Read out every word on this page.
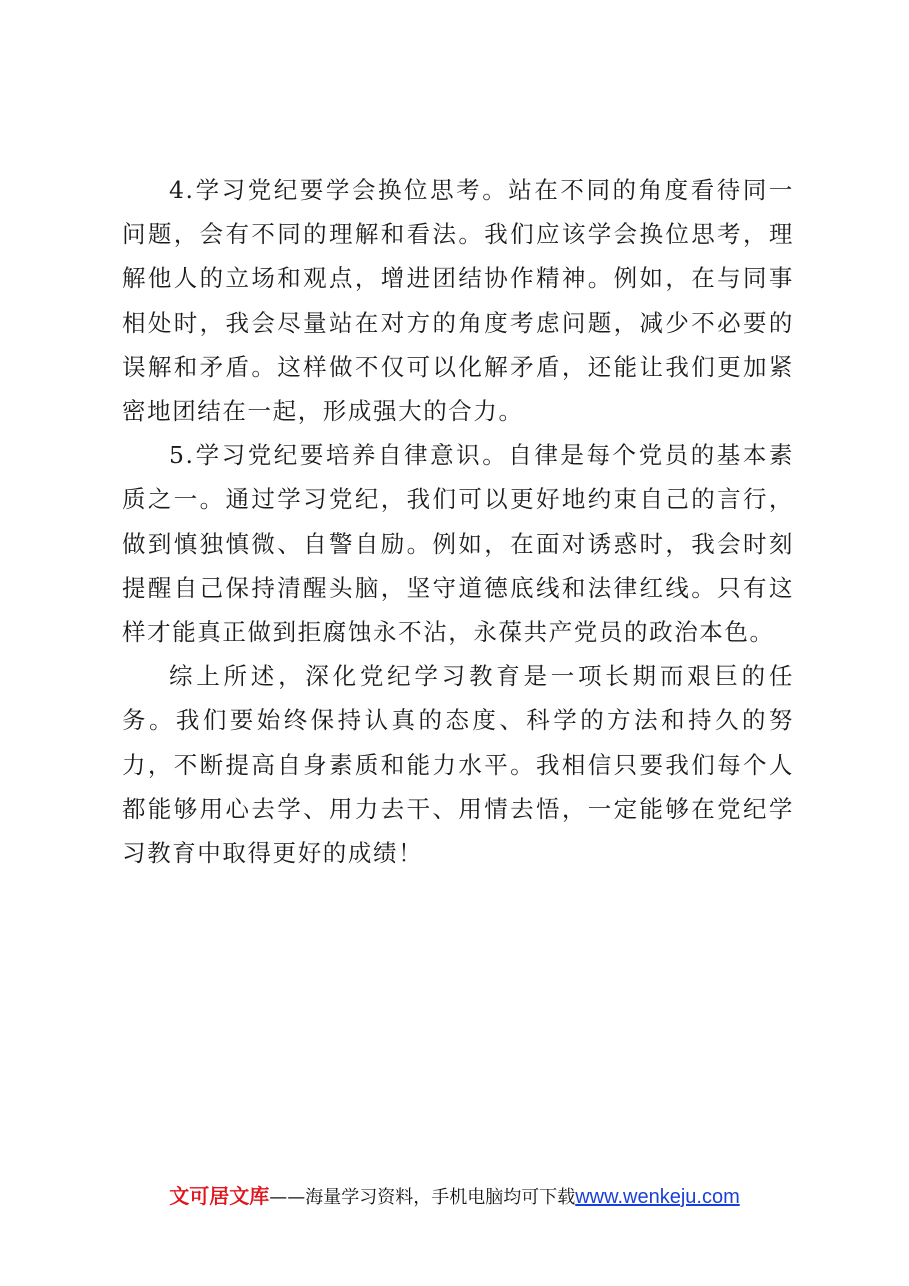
4.学习党纪要学会换位思考。站在不同的角度看待同一问题，会有不同的理解和看法。我们应该学会换位思考，理解他人的立场和观点，增进团结协作精神。例如，在与同事相处时，我会尽量站在对方的角度考虑问题，减少不必要的误解和矛盾。这样做不仅可以化解矛盾，还能让我们更加紧密地团结在一起，形成强大的合力。

5.学习党纪要培养自律意识。自律是每个党员的基本素质之一。通过学习党纪，我们可以更好地约束自己的言行，做到慎独慎微、自警自励。例如，在面对诱惑时，我会时刻提醒自己保持清醒头脑，坚守道德底线和法律红线。只有这样才能真正做到拒腐蚀永不沾，永葆共产党员的政治本色。

综上所述，深化党纪学习教育是一项长期而艰巨的任务。我们要始终保持认真的态度、科学的方法和持久的努力，不断提高自身素质和能力水平。我相信只要我们每个人都能够用心去学、用力去干、用情去悟，一定能够在党纪学习教育中取得更好的成绩！

文可居文库——海量学习资料，手机电脑均可下载www.wenkeju.com
